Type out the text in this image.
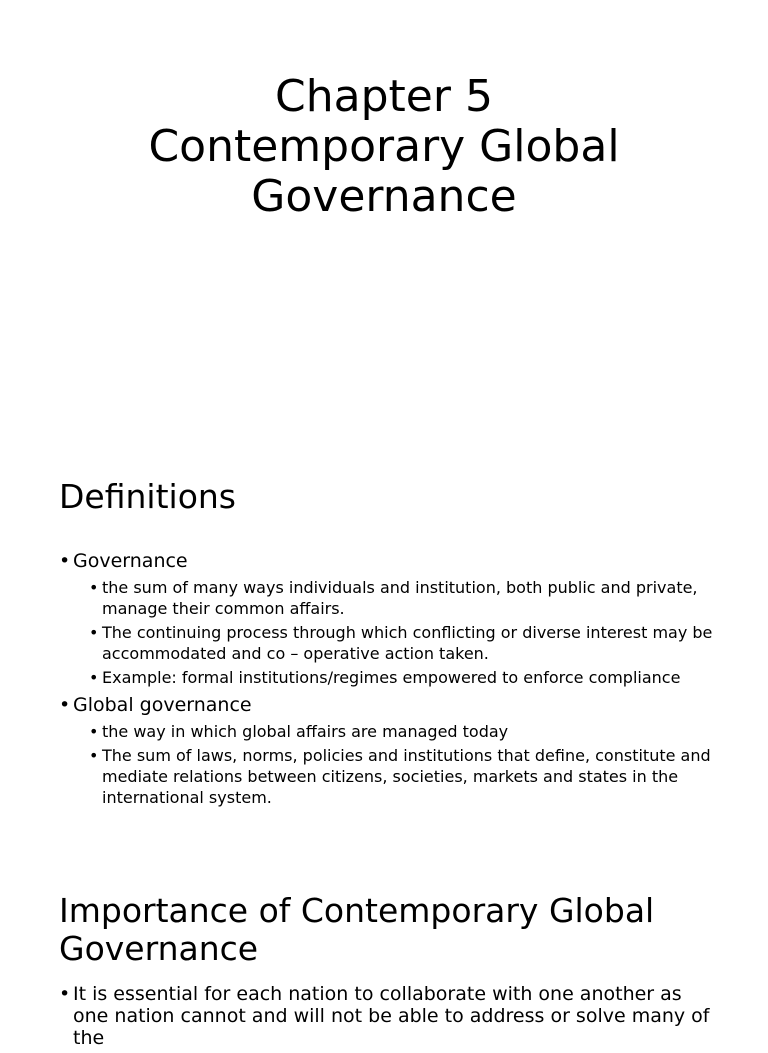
Chapter 5
Contemporary Global
Governance
Definitions
• Governance
• the sum of many ways individuals and institution, both public and private, manage their common affairs.
• The continuing process through which conflicting or diverse interest may be accommodated and co – operative action taken.
• Example: formal institutions/regimes empowered to enforce compliance
• Global governance
• the way in which global affairs are managed today
• The sum of laws, norms, policies and institutions that define, constitute and mediate relations between citizens, societies, markets and states in the international system.
Importance of Contemporary Global Governance
• It is essential for each nation to collaborate with one another as one nation cannot and will not be able to address or solve many of the
